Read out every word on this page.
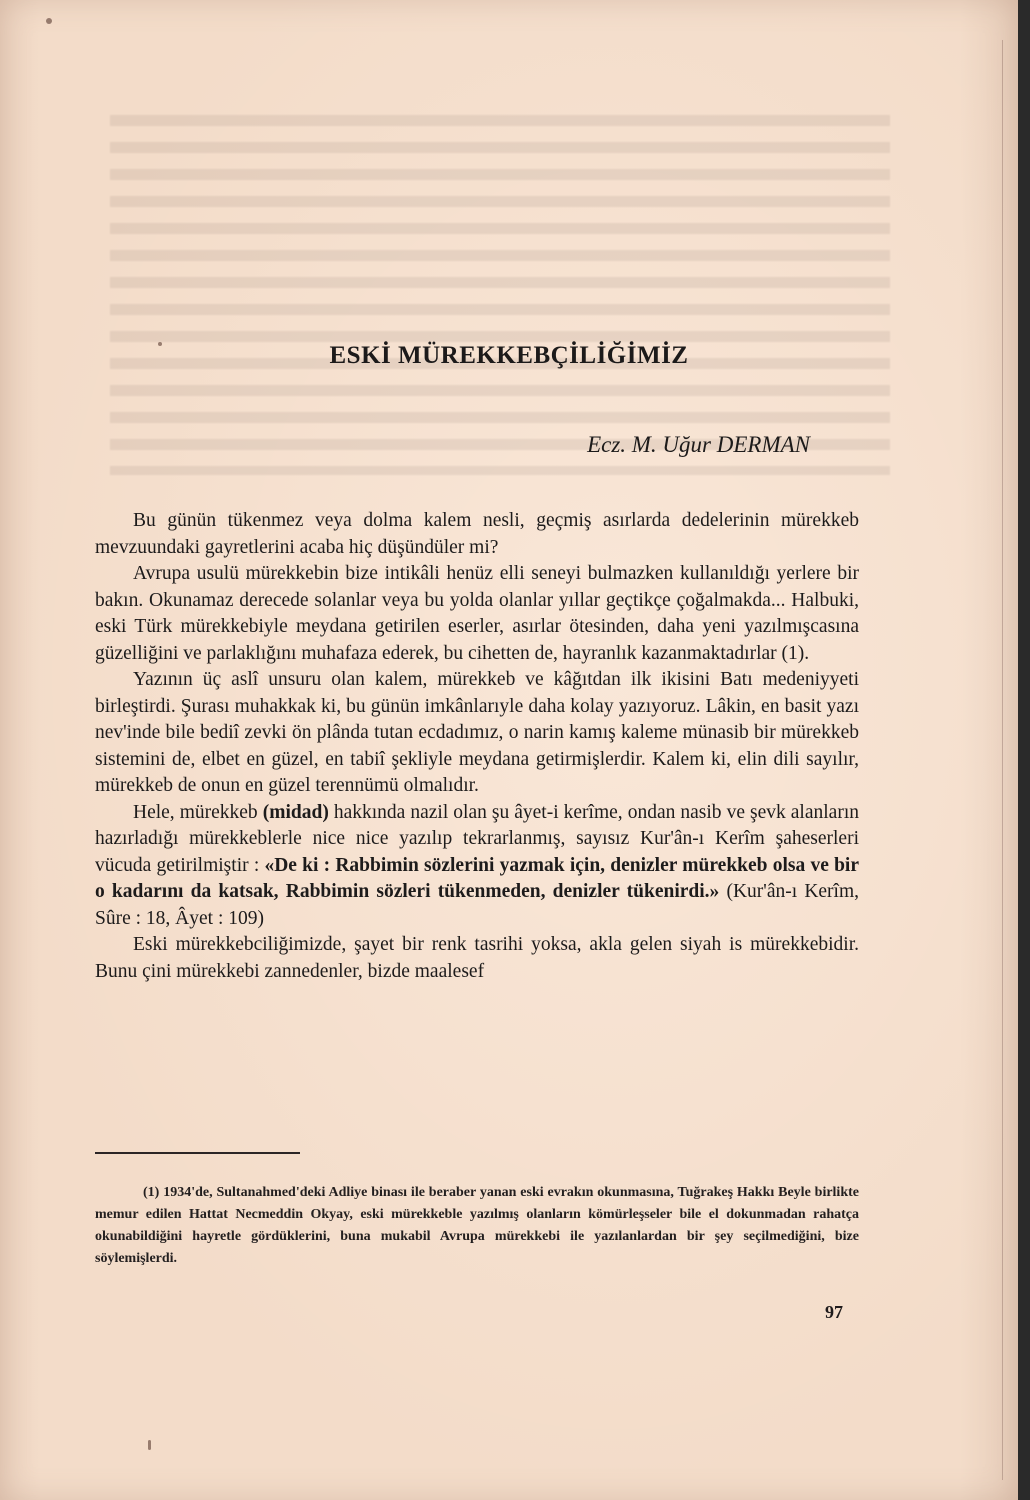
ESKİ MÜREKKEBÇİLİĞİMİZ
Ecz. M. Uğur DERMAN

Bu günün tükenmez veya dolma kalem nesli, geçmiş asırlarda dedelerinin mürekkeb mevzuundaki gayretlerini acaba hiç düşündüler mi?

Avrupa usulü mürekkebin bize intikâli henüz elli seneyi bulmazken kullanıldığı yerlere bir bakın. Okunamaz derecede solanlar veya bu yolda olanlar yıllar geçtikçe çoğalmakda... Halbuki, eski Türk mürekkebiyle meydana getirilen eserler, asırlar ötesinden, daha yeni yazılmışcasına güzelliğini ve parlaklığını muhafaza ederek, bu cihetten de, hayranlık kazanmaktadırlar (1).

Yazının üç aslî unsuru olan kalem, mürekkeb ve kâğıtdan ilk ikisini Batı medeniyyeti birleştirdi. Şurası muhakkak ki, bu günün imkânlarıyle daha kolay yazıyoruz. Lâkin, en basit yazı nev'inde bile bediî zevki ön plânda tutan ecdadımız, o narin kamış kaleme münasib bir mürekkeb sistemini de, elbet en güzel, en tabiî şekliyle meydana getirmişlerdir. Kalem ki, elin dili sayılır, mürekkeb de onun en güzel terennümü olmalıdır.

Hele, mürekkeb (midad) hakkında nazil olan şu âyet-i kerîme, ondan nasib ve şevk alanların hazırladığı mürekkeblerle nice nice yazılıp tekrarlanmış, sayısız Kur'ân-ı Kerîm şaheserleri vücuda getirilmiştir : «De ki : Rabbimin sözlerini yazmak için, denizler mürekkeb olsa ve bir o kadarını da katsak, Rabbimin sözleri tükenmeden, denizler tükenirdi.» (Kur'ân-ı Kerîm, Sûre : 18, Âyet : 109)

Eski mürekkebciliğimizde, şayet bir renk tasrihi yoksa, akla gelen siyah is mürekkebidir. Bunu çini mürekkebi zannedenler, bizde maalesef

(1) 1934'de, Sultanahmed'deki Adliye binası ile beraber yanan eski evrakın okunmasına, Tuğrakeş Hakkı Beyle birlikte memur edilen Hattat Necmeddin Okyay, eski mürekkeble yazılmış olanların kömürleşseler bile el dokunmadan rahatça okunabildiğini hayretle gördüklerini, buna mukabil Avrupa mürekkebi ile yazılanlardan bir şey seçilmediğini, bize söylemişlerdi.
97
